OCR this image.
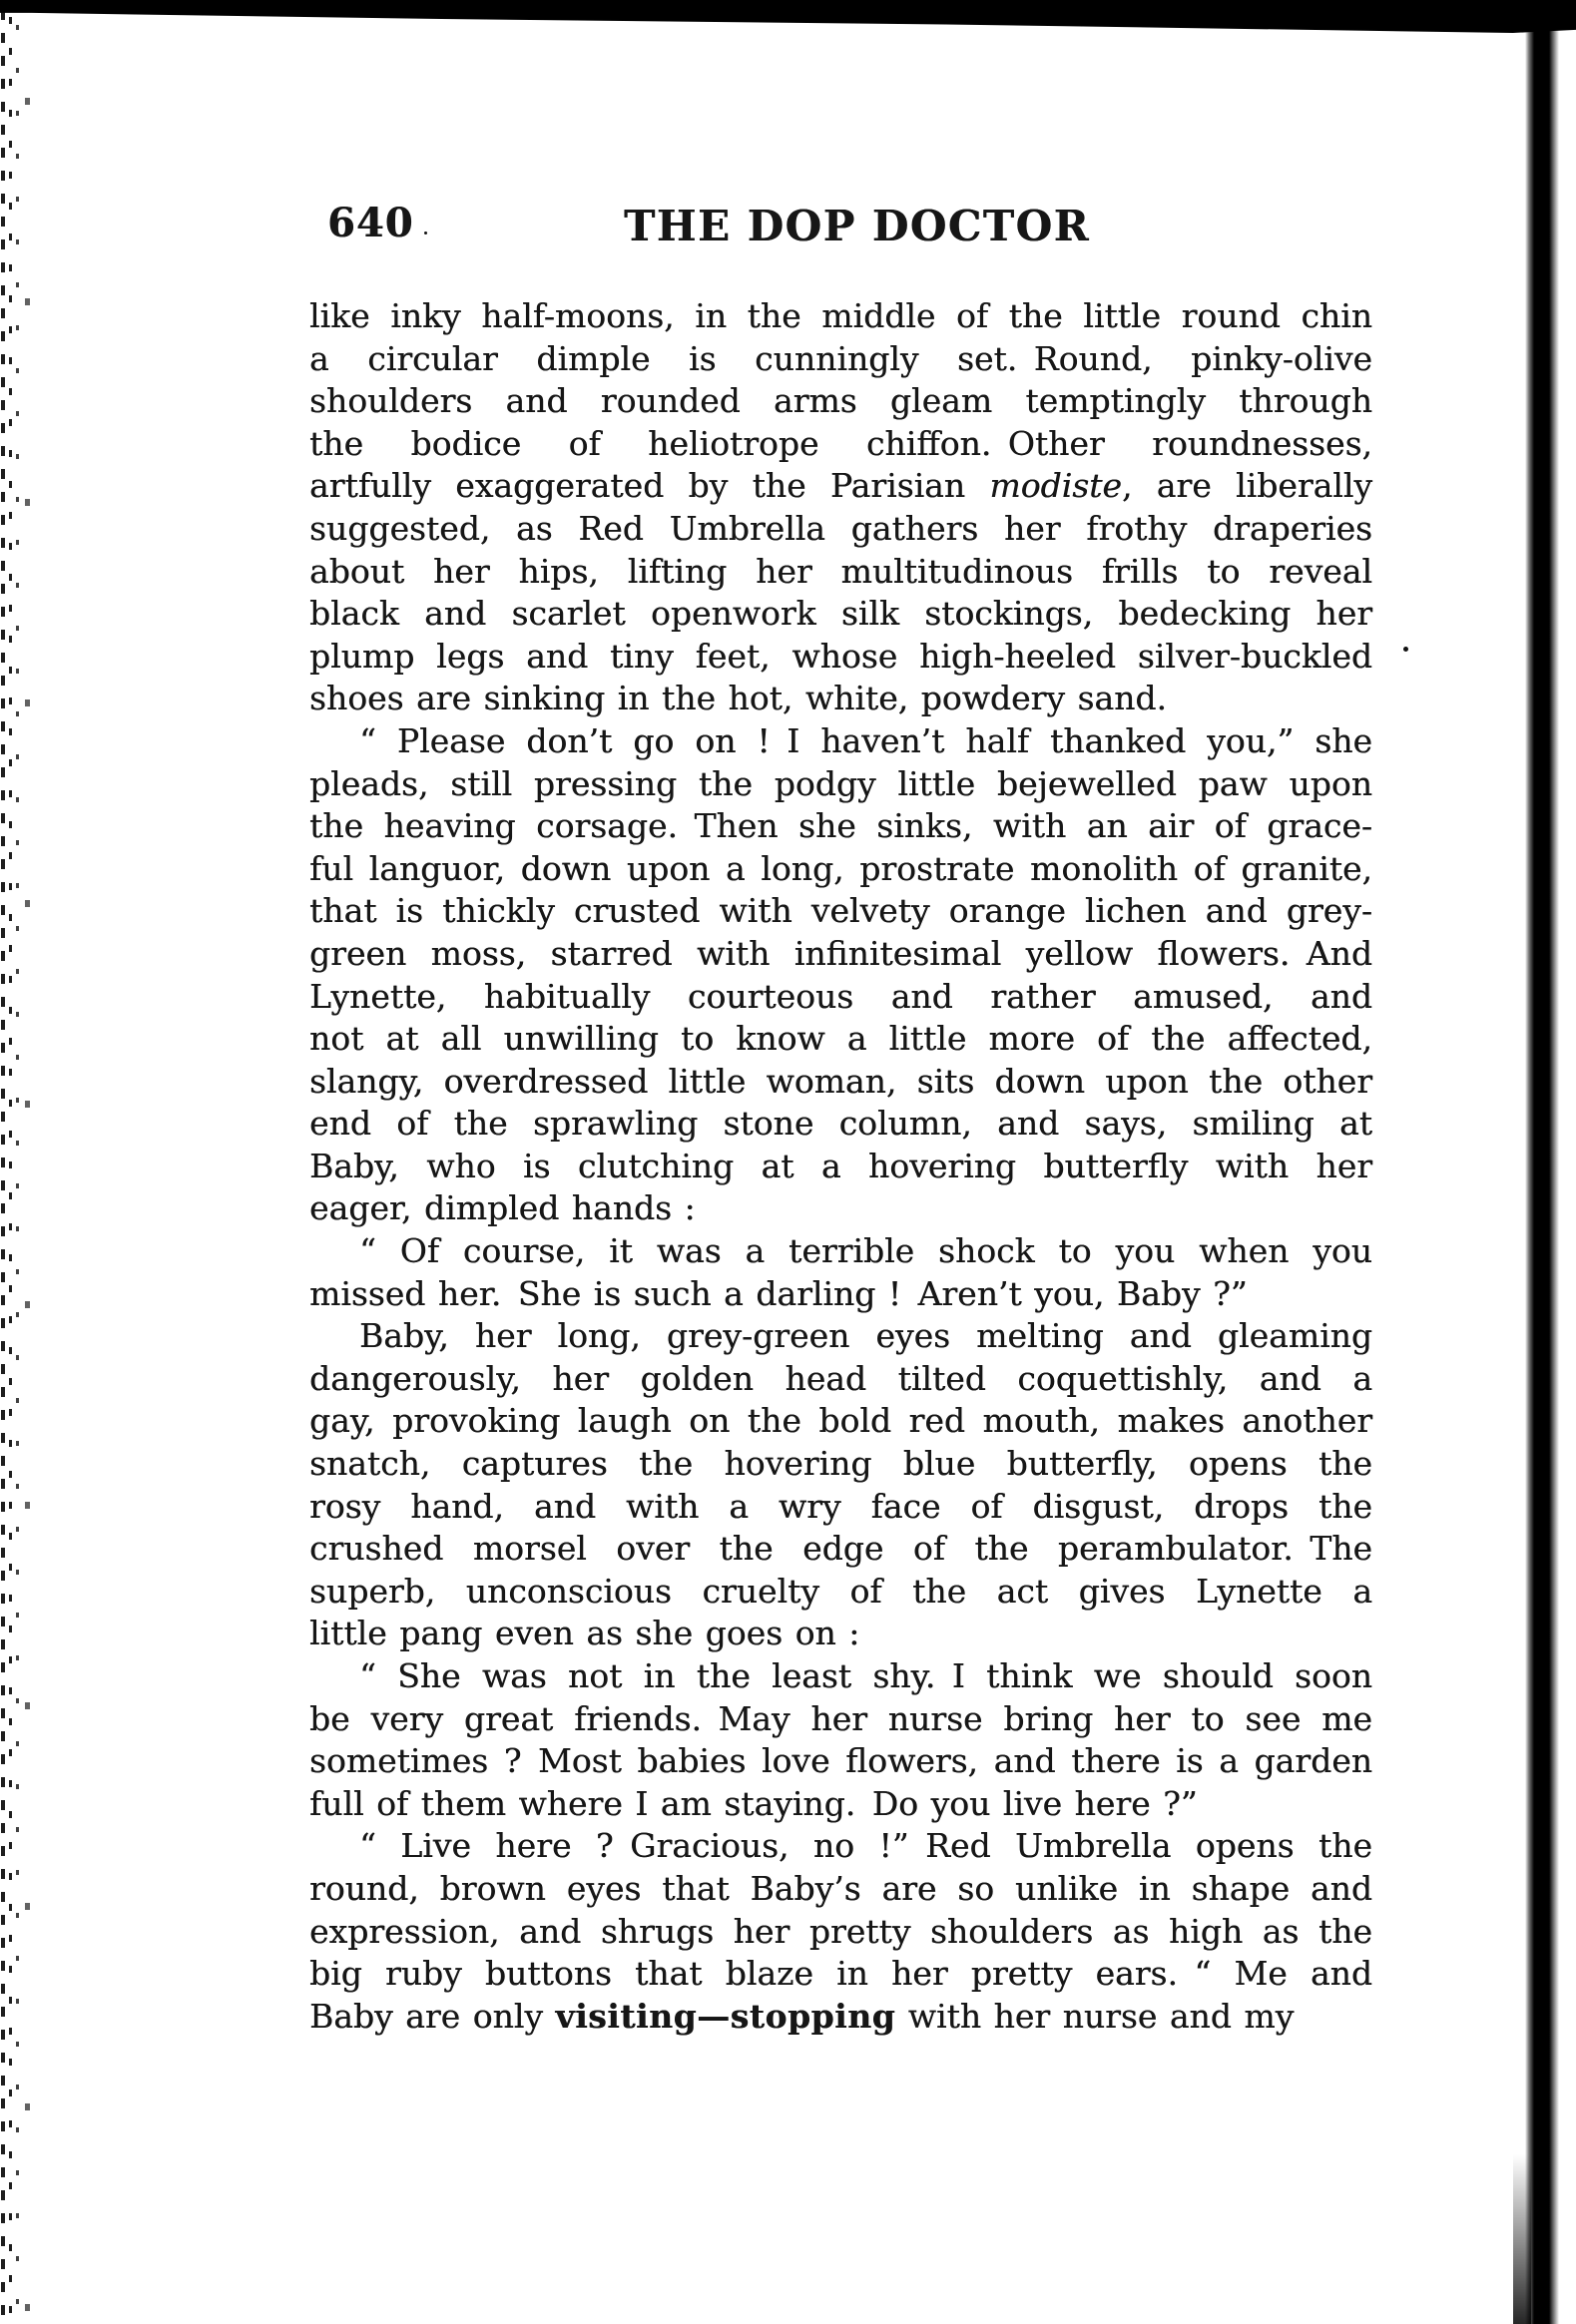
640	THE DOP DOCTOR
like inky half-moons, in the middle of the little round chin
a circular dimple is cunningly set. Round, pinky-olive
shoulders and rounded arms gleam temptingly through
the bodice of heliotrope chiffon. Other roundnesses,
artfully exaggerated by the Parisian modiste, are liberally
suggested, as Red Umbrella gathers her frothy draperies
about her hips, lifting her multitudinous frills to reveal
black and scarlet openwork silk stockings, bedecking her
plump legs and tiny feet, whose high-heeled silver-buckled
shoes are sinking in the hot, white, powdery sand.
“ Please don’t go on ! I haven’t half thanked you,” she
pleads, still pressing the podgy little bejewelled paw upon
the heaving corsage. Then she sinks, with an air of grace-
ful languor, down upon a long, prostrate monolith of granite,
that is thickly crusted with velvety orange lichen and grey-
green moss, starred with infinitesimal yellow flowers. And
Lynette, habitually courteous and rather amused, and
not at all unwilling to know a little more of the affected,
slangy, overdressed little woman, sits down upon the other
end of the sprawling stone column, and says, smiling at
Baby, who is clutching at a hovering butterfly with her
eager, dimpled hands :
“ Of course, it was a terrible shock to you when you
missed her. She is such a darling ! Aren’t you, Baby ?”
Baby, her long, grey-green eyes melting and gleaming
dangerously, her golden head tilted coquettishly, and a
gay, provoking laugh on the bold red mouth, makes another
snatch, captures the hovering blue butterfly, opens the
rosy hand, and with a wry face of disgust, drops the
crushed morsel over the edge of the perambulator. The
superb, unconscious cruelty of the act gives Lynette a
little pang even as she goes on :
“ She was not in the least shy. I think we should soon
be very great friends. May her nurse bring her to see me
sometimes ? Most babies love flowers, and there is a garden
full of them where I am staying. Do you live here ?”
“ Live here ? Gracious, no !” Red Umbrella opens the
round, brown eyes that Baby’s are so unlike in shape and
expression, and shrugs her pretty shoulders as high as the
big ruby buttons that blaze in her pretty ears. “ Me and
Baby are only visiting—stopping with her nurse and my
